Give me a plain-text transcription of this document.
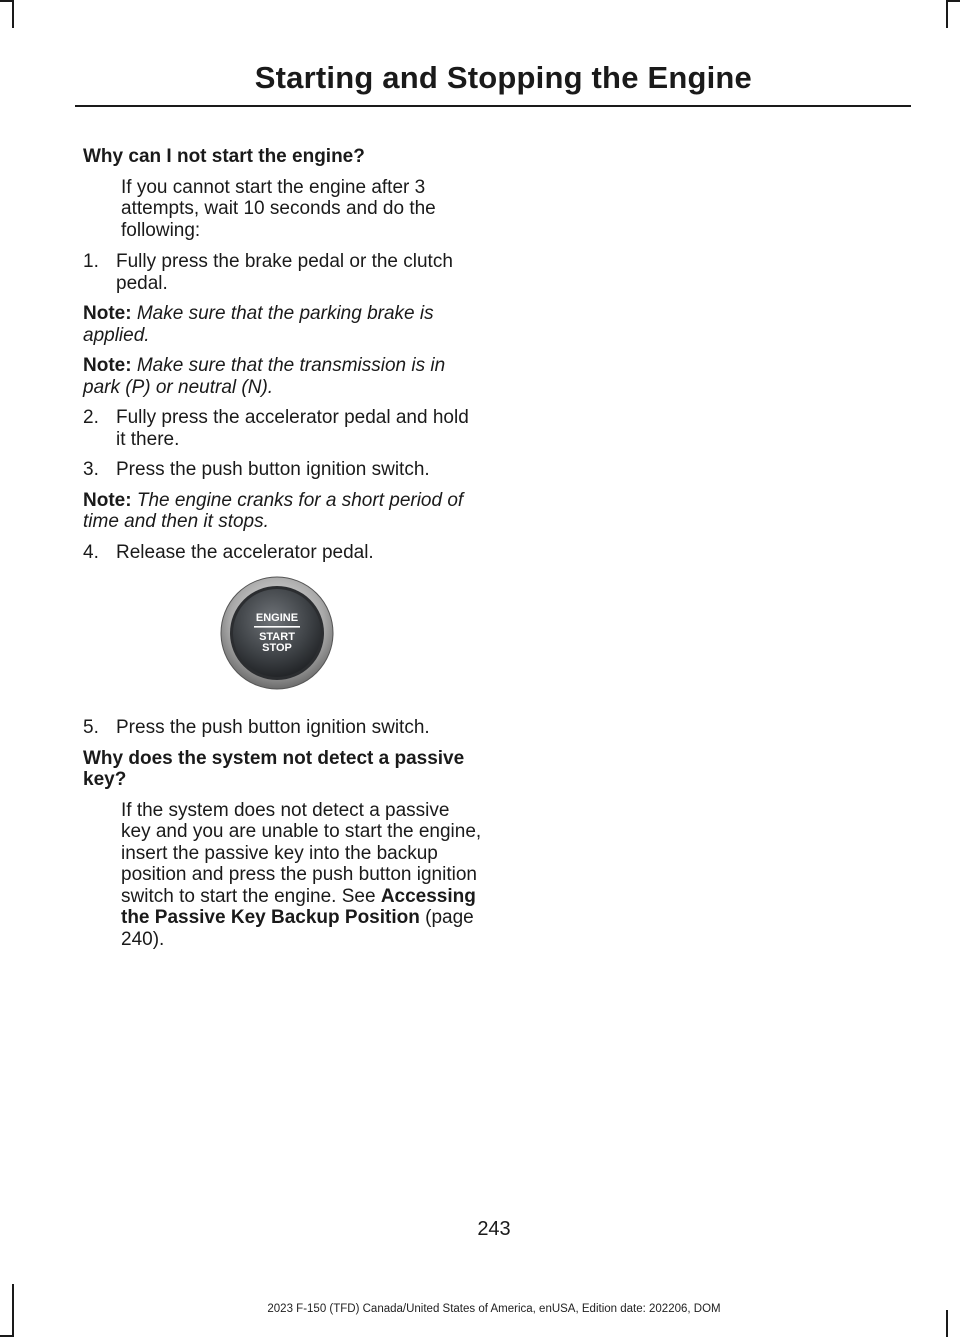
Starting and Stopping the Engine

Why can I not start the engine?

If you cannot start the engine after 3 attempts, wait 10 seconds and do the following:

1. Fully press the brake pedal or the clutch pedal.

Note: Make sure that the parking brake is applied.

Note: Make sure that the transmission is in park (P) or neutral (N).

2. Fully press the accelerator pedal and hold it there.
3. Press the push button ignition switch.

Note: The engine cranks for a short period of time and then it stops.

4. Release the accelerator pedal.
ENGINE
START
STOP
5. Press the push button ignition switch.

Why does the system not detect a passive key?

If the system does not detect a passive key and you are unable to start the engine, insert the passive key into the backup position and press the push button ignition switch to start the engine. See Accessing the Passive Key Backup Position (page 240).

243
2023 F-150 (TFD) Canada/United States of America, enUSA, Edition date: 202206, DOM
